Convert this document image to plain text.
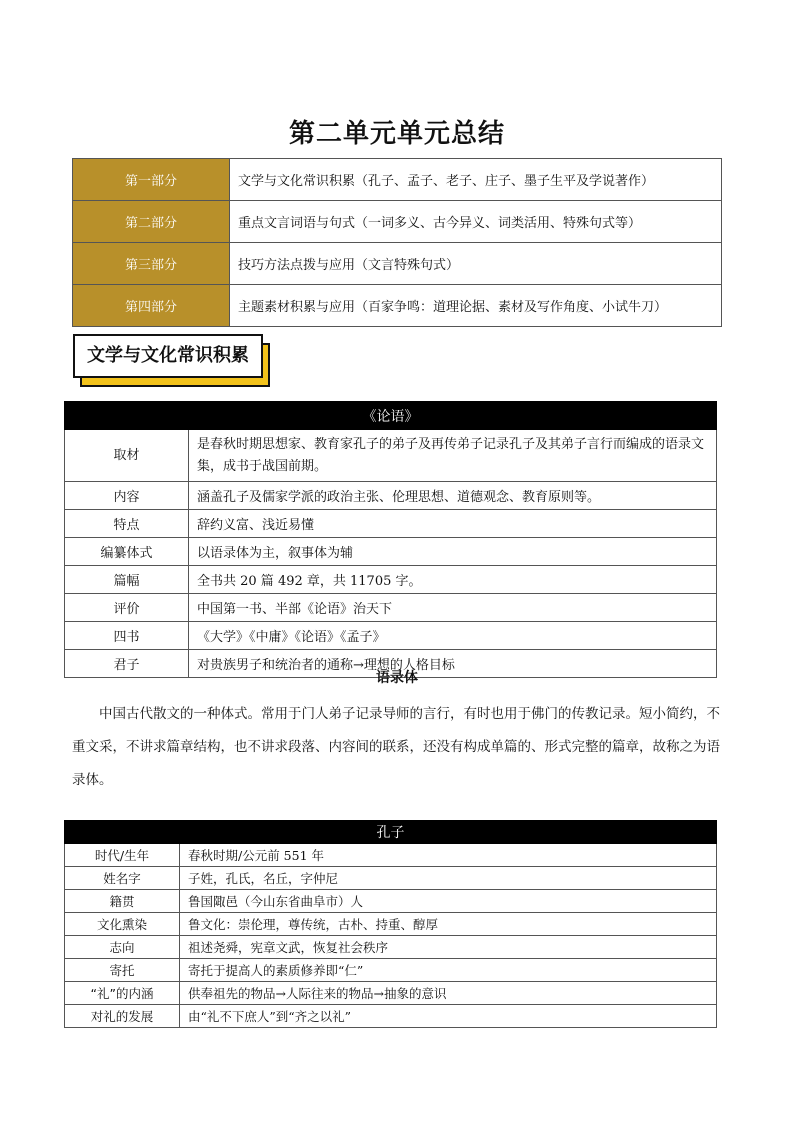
第二单元单元总结
第一部分	文学与文化常识积累（孔子、孟子、老子、庄子、墨子生平及学说著作）
第二部分	重点文言词语与句式（一词多义、古今异义、词类活用、特殊句式等）
第三部分	技巧方法点拨与应用（文言特殊句式）
第四部分	主题素材积累与应用（百家争鸣：道理论据、素材及写作角度、小试牛刀）
文学与文化常识积累
《论语》	
取材	是春秋时期思想家、教育家孔子的弟子及再传弟子记录孔子及其弟子言行而编成的语录文集，成书于战国前期。
内容	涵盖孔子及儒家学派的政治主张、伦理思想、道德观念、教育原则等。
特点	辞约义富、浅近易懂
编纂体式	以语录体为主，叙事体为辅
篇幅	全书共 20 篇 492 章，共 11705 字。
评价	中国第一书、半部《论语》治天下
四书	《大学》《中庸》《论语》《孟子》
君子	对贵族男子和统治者的通称→理想的人格目标
语录体
中国古代散文的一种体式。常用于门人弟子记录导师的言行，有时也用于佛门的传教记录。短小简约，不重文采，不讲求篇章结构，也不讲求段落、内容间的联系，还没有构成单篇的、形式完整的篇章，故称之为语录体。
孔子	
时代/生年	春秋时期/公元前 551 年
姓名字	子姓，孔氏，名丘，字仲尼
籍贯	鲁国陬邑（今山东省曲阜市）人
文化熏染	鲁文化：崇伦理，尊传统，古朴、持重、醇厚
志向	祖述尧舜，宪章文武，恢复社会秩序
寄托	寄托于提高人的素质修养即“仁”
“礼”的内涵	供奉祖先的物品→人际往来的物品→抽象的意识
对礼的发展	由“礼不下庶人”到“齐之以礼”
